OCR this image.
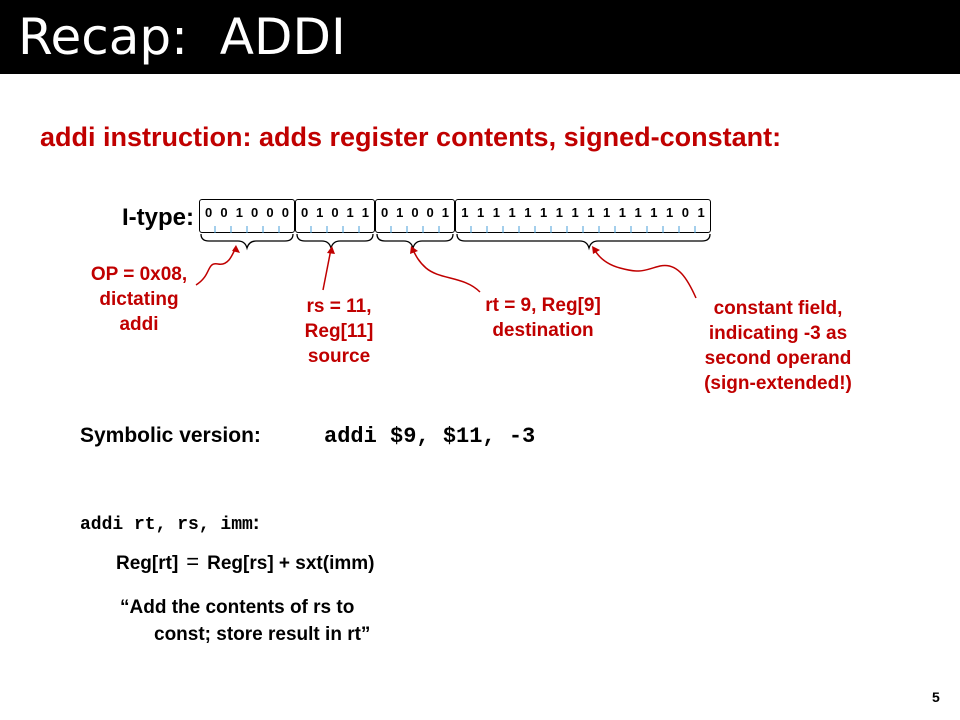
Recap:  ADDI
addi instruction: adds register contents, signed-constant:
I-type: 0 0 1 0 0 0 0 1 0 1 1 0 1 0 0 1 1 1 1 1 1 1 1 1 1 1 1 1 1 1 0 1
OP = 0x08,
dictating
addi
rs = 11,
Reg[11]
source
rt = 9, Reg[9]
destination
constant field,
indicating -3 as
second operand
(sign-extended!)
Symbolic version:	addi $9, $11, -3
addi rt, rs, imm:
Reg[rt] = Reg[rs] + sxt(imm)
“Add the contents of rs to
const; store result in rt”
5
